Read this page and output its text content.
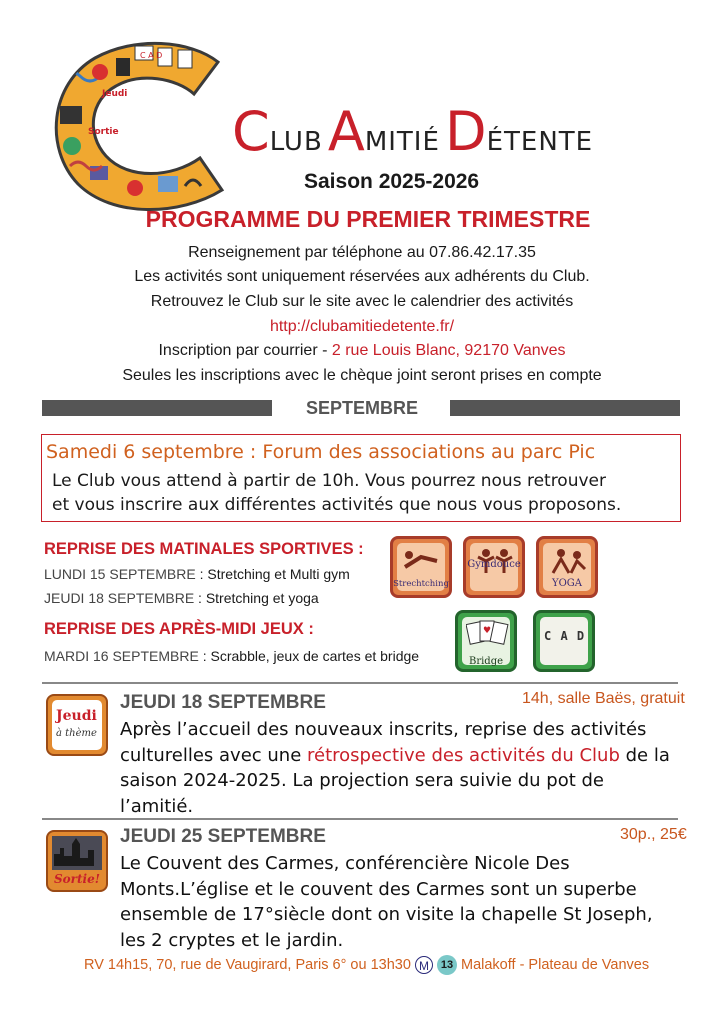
C A D
Jeudi
Sortie CLUB AMITIÉ DÉTENTE
Saison 2025-2026
PROGRAMME DU PREMIER TRIMESTRE
Renseignement par téléphone au 07.86.42.17.35
Les activités sont uniquement réservées aux adhérents du Club.
Retrouvez le Club sur le site avec le calendrier des activités
http://clubamitiedetente.fr/
Inscription par courrier - 2 rue Louis Blanc, 92170 Vanves
Seules les inscriptions avec le chèque joint seront prises en compte
SEPTEMBRE
Samedi 6 septembre : Forum des associations au parc Pic
Le Club vous attend à partir de 10h. Vous pourrez nous retrouver
et vous inscrire aux différentes activités que nous vous proposons.
REPRISE DES MATINALES SPORTIVES :
LUNDI 15 SEPTEMBRE : Stretching et Multi gym
JEUDI 18 SEPTEMBRE : Stretching et yoga
Strechtching
Gymdouce
YOGA
REPRISE DES APRÈS-MIDI JEUX :
MARDI 16 SEPTEMBRE : Scrabble, jeux de cartes et bridge
♥
Bridge
C A D
Jeudi
à thème
JEUDI 18 SEPTEMBRE	14h, salle Baës, gratuit
Après l’accueil des nouveaux inscrits, reprise des activités culturelles avec une rétrospective des activités du Club de la saison 2024-2025. La projection sera suivie du pot de l’amitié.
Sortie!
JEUDI 25 SEPTEMBRE	30p., 25€
Le Couvent des Carmes, conférencière Nicole Des Monts.L’église et le couvent des Carmes sont un superbe ensemble de 17°siècle dont on visite la chapelle St Joseph, les 2 cryptes et le jardin.
RV 14h15, 70, rue de Vaugirard, Paris 6° ou 13h30 M 13 Malakoff - Plateau de Vanves
